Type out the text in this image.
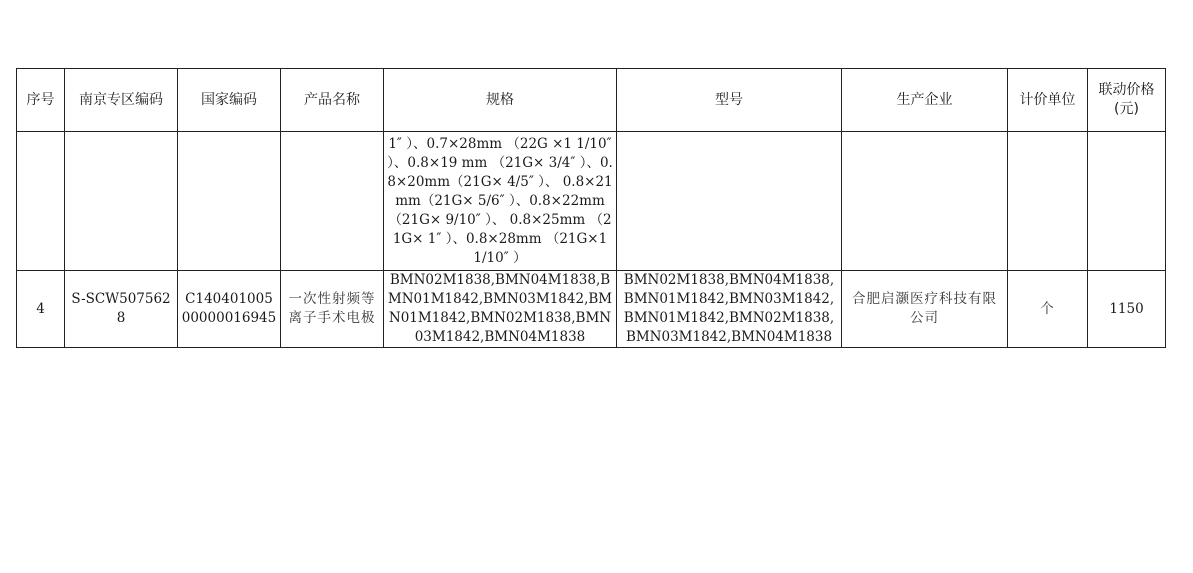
序号	南京专区编码	国家编码	产品名称	规格	型号	生产企业	计价单位	联动价格(元)
				1″ ）、0.7×28mm （22G ×1 1/10″ ）、0.8×19 mm （21G× 3/4″ ）、0.8×20mm（21G× 4/5″ ）、 0.8×21mm（21G× 5/6″ ）、0.8×22mm（21G× 9/10″ ）、 0.8×25mm （21G× 1″ ）、0.8×28mm （21G×1 1/10″ ）				
4	S-SCW5075628	C14040100500000016945	一次性射频等离子手术电极	BMN02M1838,BMN04M1838,BMN01M1842,BMN03M1842,BMN01M1842,BMN02M1838,BMN03M1842,BMN04M1838	BMN02M1838,BMN04M1838,BMN01M1842,BMN03M1842,BMN01M1842,BMN02M1838,BMN03M1842,BMN04M1838	合肥启灏医疗科技有限公司	个	1150
